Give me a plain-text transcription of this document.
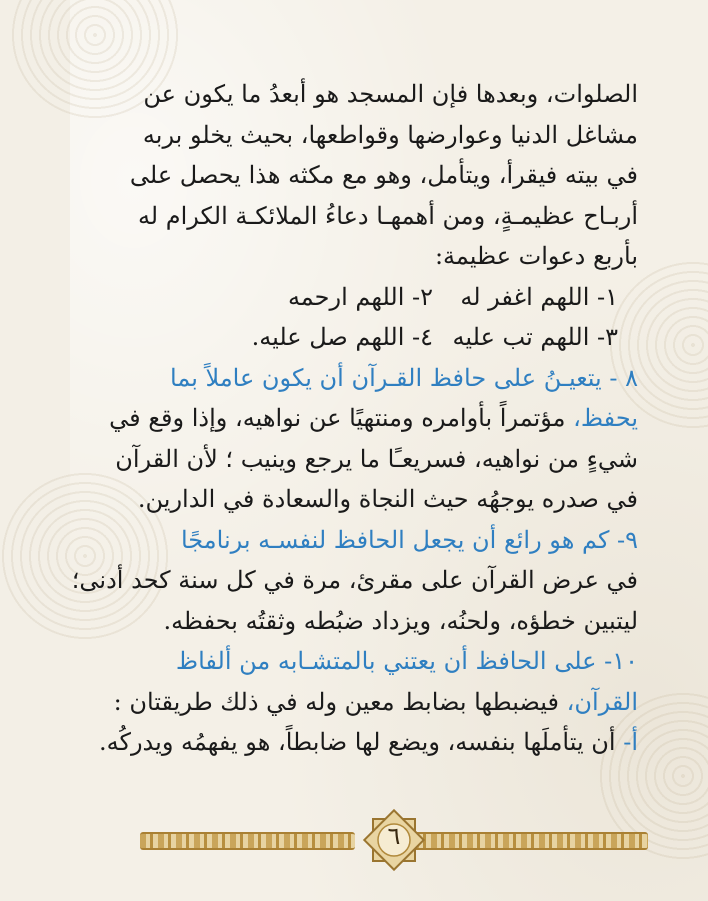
الصلوات، وبعدها فإن المسجد هو أبعدُ ما يكون عن
مشاغل الدنيا وعوارضها وقواطعها، بحيث يخلو بربه
في بيته فيقرأ، ويتأمل، وهو مع مكثه هذا يحصل على
أربـاح عظيمـةٍ، ومن أهمهـا دعاءُ الملائكـة الكرام له
بأربع دعوات عظيمة:
١- اللهم اغفر له
٢- اللهم ارحمه
٣- اللهم تب عليه
٤- اللهم صل عليه.
٨ - يتعيـنُ على حافظ القـرآن أن يكون عاملاً بما
يحفظ، مؤتمراً بأوامره ومنتهيًا عن نواهيه، وإذا وقع في
شيءٍ من نواهيه، فسريعـًا ما يرجع وينيب ؛ لأن القرآن
في صدره يوجهُه حيث النجاة والسعادة في الدارين.
٩- كم هو رائع أن يجعل الحافظ لنفسـه برنامجًا
في عرض القرآن على مقرئ، مرة في كل سنة كحد أدنى؛
ليتبين خطؤه، ولحنُه، ويزداد ضبُطه وثقتُه بحفظه.
١٠- على الحافظ أن يعتني بالمتشـابه من ألفاظ
القرآن، فيضبطها بضابط معين وله في ذلك طريقتان :
أ- أن يتأملَها بنفسه، ويضع لها ضابطاً، هو يفهمُه ويدركُه.
٦
